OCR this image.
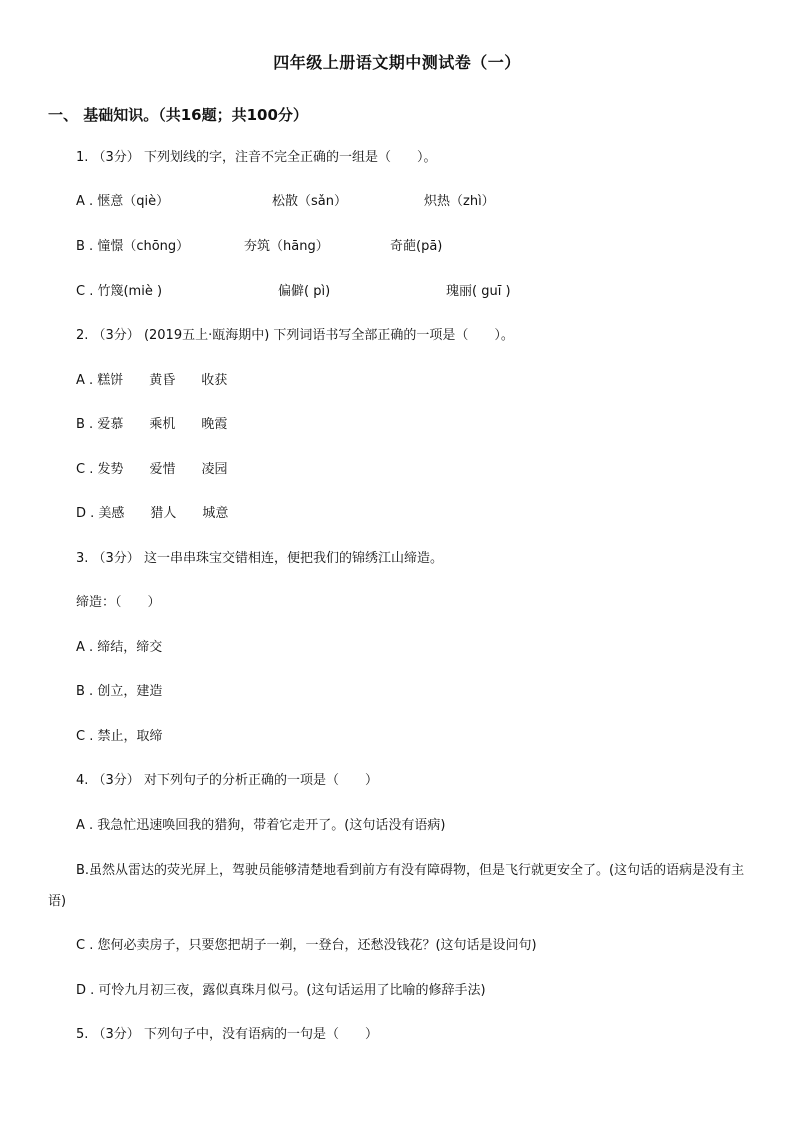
四年级上册语文期中测试卷（一）
一、 基础知识。（共16题；共100分）
1. （3分） 下列划线的字，注音不完全正确的一组是（　　）。
A . 惬意（qiè）	松散（sǎn）	炽热（zhì）
B . 憧憬（chōng）	夯筑（hāng）	奇葩(pā)
C . 竹篾(miè )	偏僻( pì)	瑰丽( guī )
2. （3分） (2019五上·瓯海期中) 下列词语书写全部正确的一项是（　　）。
A . 糕饼　　黄昏　　收获
B . 爱慕　　乘机　　晚霞
C . 发势　　爱惜　　凌园
D . 美感　　猎人　　城意
3. （3分） 这一串串珠宝交错相连，便把我们的锦绣江山缔造。
缔造：（　　）
A . 缔结，缔交
B . 创立，建造
C . 禁止，取缔
4. （3分） 对下列句子的分析正确的一项是（　　）
A . 我急忙迅速唤回我的猎狗，带着它走开了。(这句话没有语病)
B.虽然从雷达的荧光屏上，驾驶员能够清楚地看到前方有没有障碍物，但是飞行就更安全了。(这句话的语病是没有主语)
C . 您何必卖房子，只要您把胡子一剃，一登台，还愁没钱花？(这句话是设问句)
D . 可怜九月初三夜，露似真珠月似弓。(这句话运用了比喻的修辞手法)
5. （3分） 下列句子中，没有语病的一句是（　　）
